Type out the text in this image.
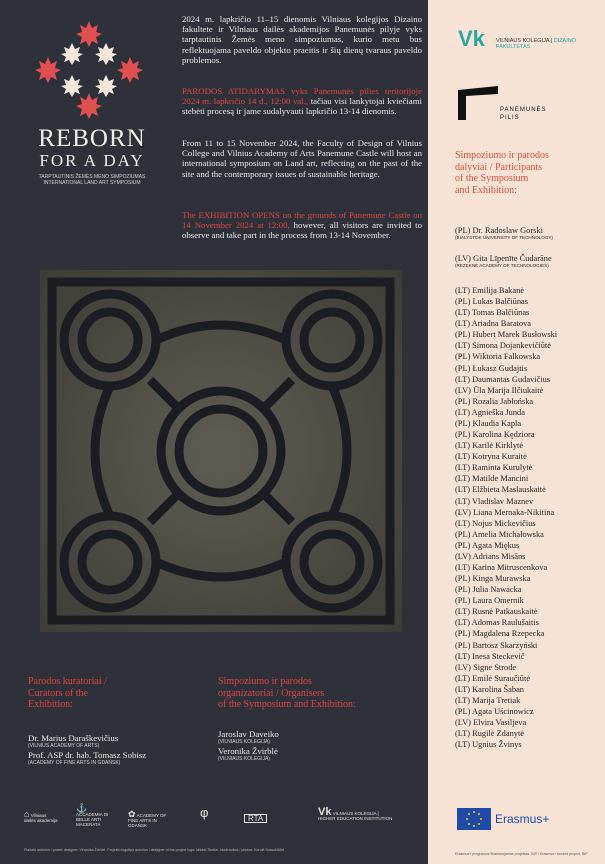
REBORN
FOR A DAY
TARPTAUTINIS ŽEMĖS MENO SIMPOZIUMAS
INTERNATIONAL LAND ART SYMPOSIUM
2024 m. lapkričio 11–15 dienomis Vilniaus kolegijos Dizaino fakultete ir Vilniaus dailės akademijos Panemunės pilyje vyks tarptautinis Žemės meno simpoziumas, kurio metu bus reflektuojama paveldo objekto praeitis ir šių dienų tvaraus paveldo problemos.
PARODOS ATIDARYMAS vyks Panemunės pilies teritorijoje 2024 m. lapkričio 14 d., 12:00 val., tačiau visi lankytojai kviečiami stebėti procesą ir jame sudalyvauti lapkričio 13-14 dienomis.
From 11 to 15 November 2024, the Faculty of Design of Vilnius College and Vilnius Academy of Arts Panemune Castle will host an international symposium on Land art, reflecting on the past of the site and the contemporary issues of sustainable heritage.
The EXHIBITION OPENS on the grounds of Panemune Castle on 14 November 2024 at 12:00, however, all visitors are invited to observe and take part in the process from 13-14 November.
Parodos kuratoriai /
Curators of the
Exhibition:
Dr. Marius Daraškevičius
(VILNIUS ACADEMY OF ARTS)
Prof. ASP dr. hab. Tomasz Sobisz
(ACADEMY OF FINE ARTS IN GDAŃSK)
Simpoziumo ir parodos
organizatoriai / Organisers
of the Symposium and Exhibition:
Jaroslav Daveiko
(VILNIAUS KOLEGIJA)
Veronika Žvirblė
(VILNIAUS KOLEGIJA)
⌂ Vilniaus dailės akademija
⚓
ACCADEMIA DI BELLE ARTI MACERATA
✿ ACADEMY OF FINE ARTS IN GDAŃSK
φ	RTA
Vk VILNIAUS KOLEGIJA | HIGHER EDUCATION INSTITUTION
Plakato autorius / poster designer: Veronika Žvirblė. Projekto logotipo autorius / designer of the project logo: Mikkel Tiedke. Nuotraukos / photos: Karolė Sutauščiūtė
Vk VILNIAUS KOLEGIJA | DIZAINO FAKULTETAS
PANEMUNĖS
PILIS
Simpoziumo ir parodos
dalyviai / Participants
of the Symposium
and Exhibition:
(PL) Dr. Radoslaw Gorski
(BIALYSTOK UNIVERSITY OF TECHNOLOGY)
(LV) Gita Līpenīte Čudarāne
(REZEKNE ACADEMY OF TECHNOLOGIES)
(LT) Emilija Bakanė
(PL) Lukas Balčiūnas
(LT) Tomas Balčiūnas
(LT) Ariadna Baratova
(PL) Hubert Marek Busłowski
(LT) Simona Dojankevičiūtė
(PL) Wiktoria Falkowska
(PL) Łukasz Gudajtis
(LT) Daumantas Gudavičius
(LV) Ūla Marija Ilčiukaitė
(PL) Rozalia Jabłońska
(LT) Agnieška Junda
(PL) Klaudia Kapla
(PL) Karolina Kędziora
(LT) Karilė Kirklytė
(LT) Kotryna Kuraitė
(LT) Raminta Kurulytė
(LT) Matilde Mancini
(LT) Elžbieta Maslauskaitė
(LT) Vladislav Maznev
(LV) Liana Mernaka-Nikitina
(LT) Nojus Mickevičius
(PL) Amelia Michałowska
(PL) Agata Miękus
(LV) Adrians Misāns
(LT) Karina Mitruscenkova
(PL) Kinga Murawska
(PL) Julia Nawacka
(PL) Laura Omernik
(LT) Rusnė Patkauskaitė
(LT) Adomas Raulušaitis
(PL) Magdalena Rzepecka
(PL) Bartosz Skarzyński
(LT) Inesa Steckevič
(LV) Signe Strode
(LT) Emilė Suraučiūtė
(LT) Karolina Šaban
(LT) Marija Tretiak
(PL) Agata Uścinowicz
(LV) Elvira Vasiljeva
(LT) Rugilė Zdanytė
(LT) Ugnius Žvinys
Erasmus+ programos finansuojamas projektas, BIP / Erasmus+ funded project, BIP
Erasmus+
